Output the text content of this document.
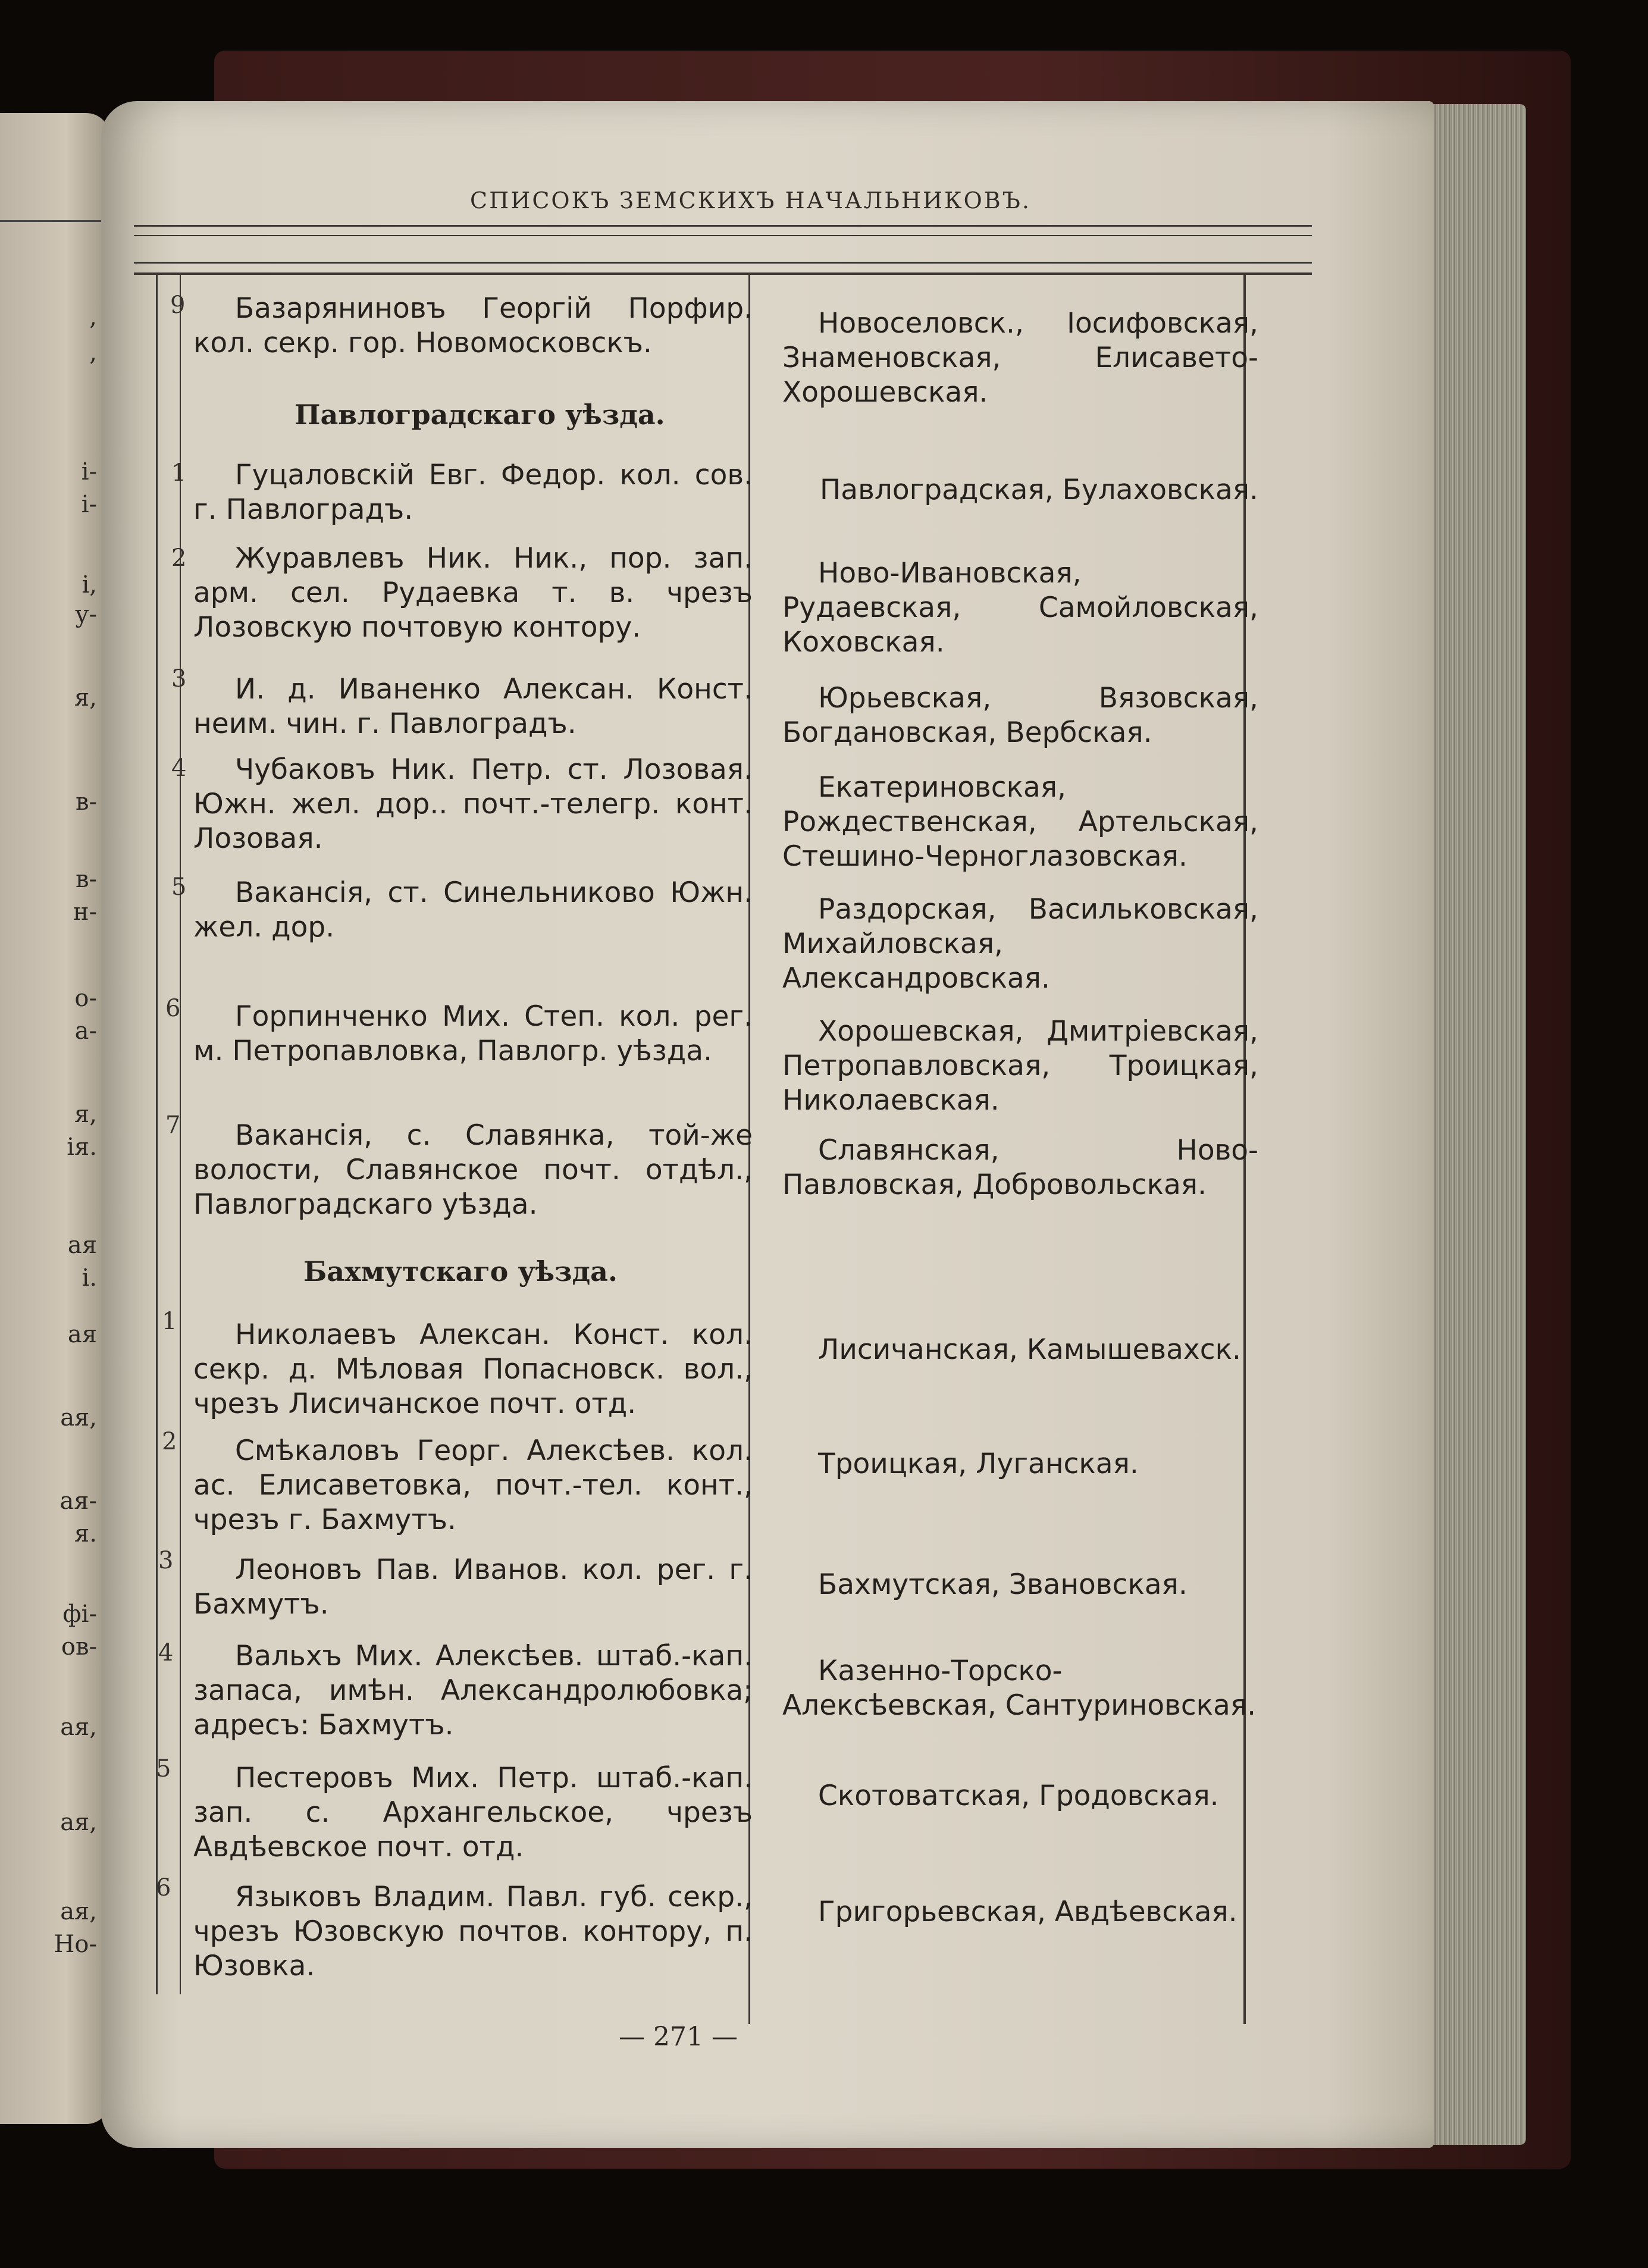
,
,
і-
і-
і,
у-
я,
в-
в-
н-
о-
а-
я,
ія.
ая
і.
ая
ая,
ая-
я.
фі-
ов-
ая,
ая,
ая,
Но-
СПИСОКЪ ЗЕМСКИХЪ НАЧАЛЬНИКОВЪ.
9	Базаряниновъ Георгій Порфир. кол. секр. гор. Новомосковскъ.
Новоселовск., Іосифовская, Знаменовская, Елисавето-Хорошевская.
Павлоградскаго уѣзда.
1	Гуцаловскій Евг. Федор. кол. сов. г. Павлоградъ.
Павлоградская, Булаховская.
2	Журавлевъ Ник. Ник., пор. зап. арм. сел. Рудаевка т. в. чрезъ Лозовскую почтовую контору.
Ново-Ивановская, Рудаевская, Самойловская, Коховская.
3	И. д. Иваненко Алексан. Конст. неим. чин. г. Павлоградъ.
Юрьевская, Вязовская, Богдановская, Вербская.
4	Чубаковъ Ник. Петр. ст. Лозовая. Южн. жел. дор.. почт.-телегр. конт. Лозовая.
Екатериновская, Рождественская, Артельская, Стешино-Черноглазовская.
5	Вакансія, ст. Синельниково Южн. жел. дор.
Раздорская, Васильковская, Михайловская, Александровская.
6	Горпинченко Мих. Степ. кол. рег. м. Петропавловка, Павлогр. уѣзда.
Хорошевская, Дмитріевская, Петропавловская, Троицкая, Николаевская.
7	Вакансія, с. Славянка, той-же волости, Славянское почт. отдѣл., Павлоградскаго уѣзда.
Славянская, Ново-Павловская, Добровольская.
Бахмутскаго уѣзда.
1	Николаевъ Алексан. Конст. кол. секр. д. Мѣловая Попасновск. вол., чрезъ Лисичанское почт. отд.
Лисичанская, Камышевахск.
2	Смѣкаловъ Георг. Алексѣев. кол. ас. Елисаветовка, почт.-тел. конт., чрезъ г. Бахмутъ.
Троицкая, Луганская.
3	Леоновъ Пав. Иванов. кол. рег. г. Бахмутъ.
Бахмутская, Звановская.
4	Вальхъ Мих. Алексѣев. штаб.-кап. запаса, имѣн. Александролюбовка; адресъ: Бахмутъ.
Казенно-Торско-Алексѣевская, Сантуриновская.
5	Пестеровъ Мих. Петр. штаб.-кап. зап. с. Архангельское, чрезъ Авдѣевское почт. отд.
Скотоватская, Гродовская.
6	Языковъ Владим. Павл. губ. секр., чрезъ Юзовскую почтов. контору, п. Юзовка.
Григорьевская, Авдѣевская.
— 271 —
